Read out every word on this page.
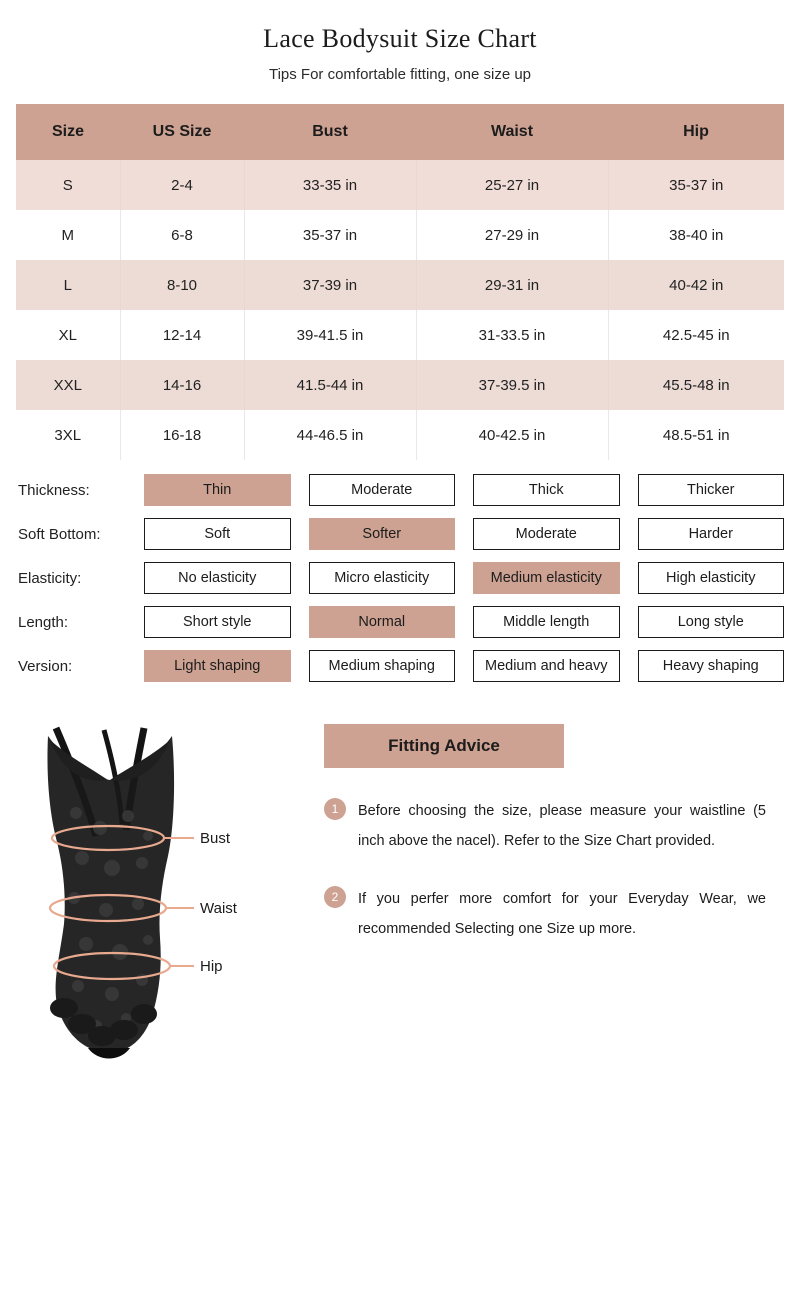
Lace Bodysuit Size Chart

Tips For comfortable fitting, one size up

Size	US Size	Bust	Waist	Hip
S	2-4	33-35 in	25-27 in	35-37 in
M	6-8	35-37 in	27-29 in	38-40 in
L	8-10	37-39 in	29-31 in	40-42 in
XL	12-14	39-41.5 in	31-33.5 in	42.5-45 in
XXL	14-16	41.5-44 in	37-39.5 in	45.5-48 in
3XL	16-18	44-46.5 in	40-42.5 in	48.5-51 in
Thickness:	Thin	Moderate	Thick	Thicker
Soft Bottom:	Soft	Softer	Moderate	Harder
Elasticity:	No elasticity	Micro elasticity	Medium elasticity	High elasticity
Length:	Short style	Normal	Middle length	Long style
Version:	Light shaping	Medium shaping	Medium and heavy	Heavy shaping
Bust
Waist
Hip
Fitting Advice
1	Before choosing the size, please measure your waistline (5 inch above the nacel). Refer to the Size Chart provided.
2	If you perfer more comfort for your Everyday Wear, we recommended Selecting one Size up more.
